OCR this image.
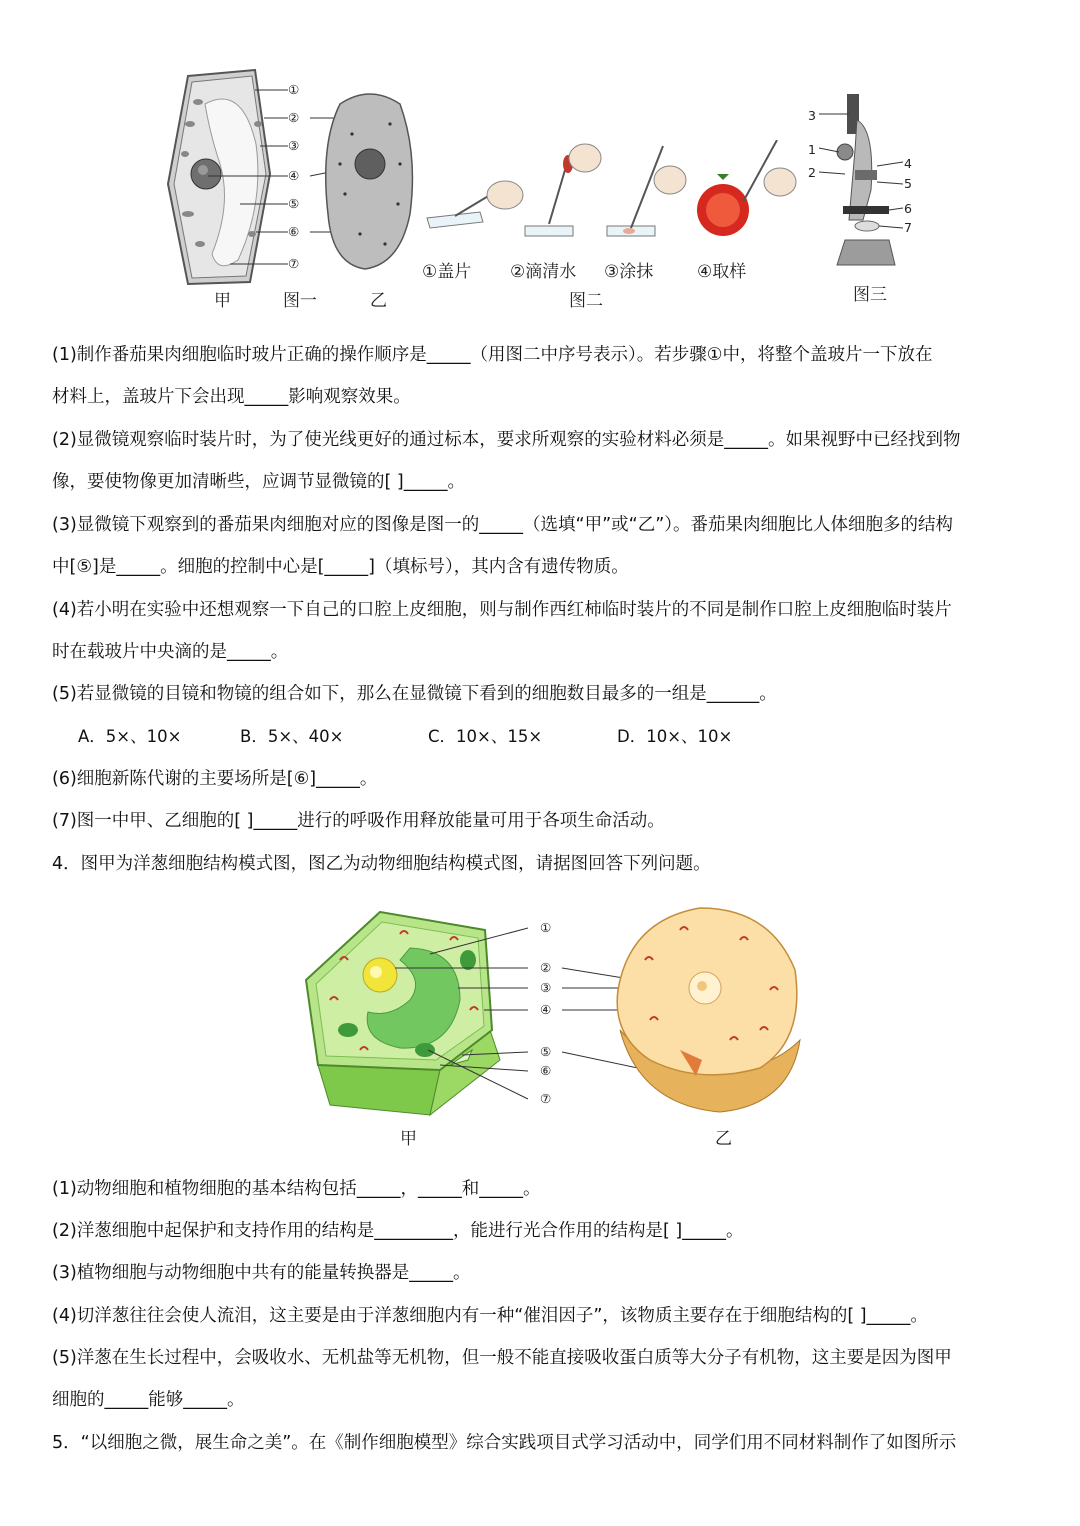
①
②
③
④
⑤
⑥
⑦
甲	图一	乙
①盖片 ②滴清水 ③涂抹	④取样
图二
3
1
2
4
5
6
7
图三
(1)制作番茄果肉细胞临时玻片正确的操作顺序是_____（用图二中序号表示）。若步骤①中，将整个盖玻片一下放在
材料上，盖玻片下会出现_____影响观察效果。
(2)显微镜观察临时装片时，为了使光线更好的通过标本，要求所观察的实验材料必须是_____。如果视野中已经找到物
像，要使物像更加清晰些，应调节显微镜的[ ]_____。
(3)显微镜下观察到的番茄果肉细胞对应的图像是图一的_____（选填“甲”或“乙”）。番茄果肉细胞比人体细胞多的结构
中[⑤]是_____。细胞的控制中心是[_____]（填标号），其内含有遗传物质。
(4)若小明在实验中还想观察一下自己的口腔上皮细胞，则与制作西红柿临时装片的不同是制作口腔上皮细胞临时装片
时在载玻片中央滴的是_____。
(5)若显微镜的目镜和物镜的组合如下，那么在显微镜下看到的细胞数目最多的一组是______。
A．5×、10×	B．5×、40×	C．10×、15×	D．10×、10×
(6)细胞新陈代谢的主要场所是[⑥]_____。
(7)图一中甲、乙细胞的[ ]_____进行的呼吸作用释放能量可用于各项生命活动。
4．图甲为洋葱细胞结构模式图，图乙为动物细胞结构模式图，请据图回答下列问题。
①
②
③
④
⑤
⑥
⑦
甲	乙
(1)动物细胞和植物细胞的基本结构包括_____，_____和_____。
(2)洋葱细胞中起保护和支持作用的结构是_________，能进行光合作用的结构是[ ]_____。
(3)植物细胞与动物细胞中共有的能量转换器是_____。
(4)切洋葱往往会使人流泪，这主要是由于洋葱细胞内有一种“催泪因子”，该物质主要存在于细胞结构的[ ]_____。
(5)洋葱在生长过程中，会吸收水、无机盐等无机物，但一般不能直接吸收蛋白质等大分子有机物，这主要是因为图甲
细胞的_____能够_____。
5．“以细胞之微，展生命之美”。在《制作细胞模型》综合实践项目式学习活动中，同学们用不同材料制作了如图所示
